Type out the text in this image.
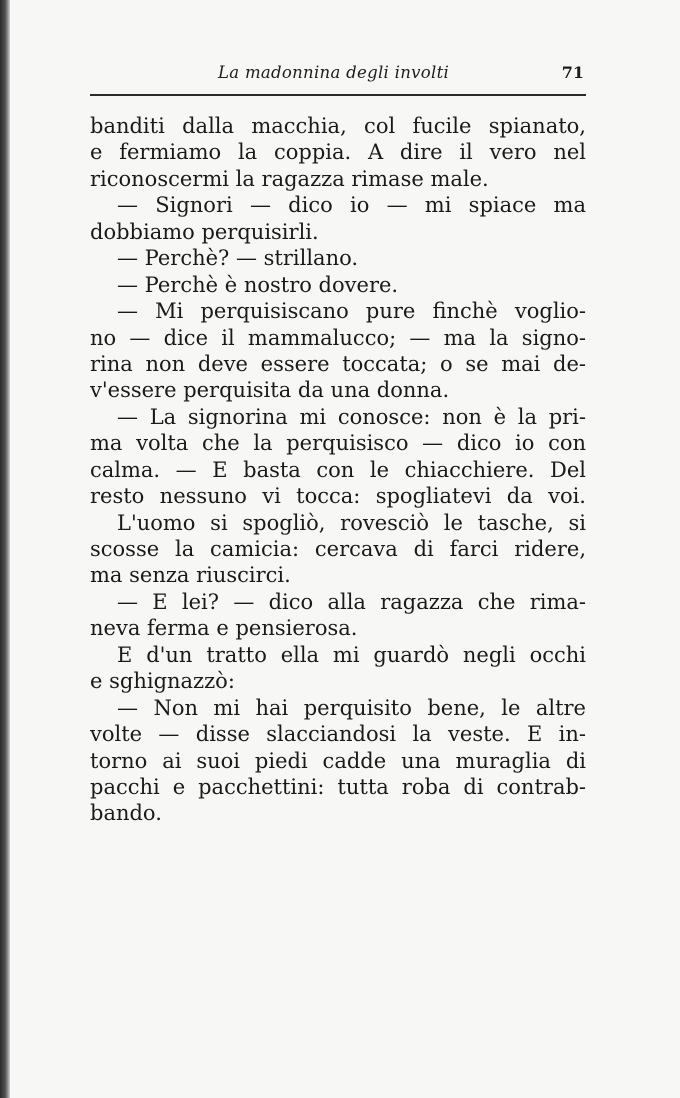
La madonnina degli involti	71
banditi dalla macchia, col fucile spianato,
e fermiamo la coppia. A dire il vero nel
riconoscermi la ragazza rimase male.
— Signori — dico io — mi spiace ma
dobbiamo perquisirli.
— Perchè? — strillano.
— Perchè è nostro dovere.
— Mi perquisiscano pure finchè voglio-
no — dice il mammalucco; — ma la signo-
rina non deve essere toccata; o se mai de-
v'essere perquisita da una donna.
— La signorina mi conosce: non è la pri-
ma volta che la perquisisco — dico io con
calma. — E basta con le chiacchiere. Del
resto nessuno vi tocca: spogliatevi da voi.
L'uomo si spogliò, rovesciò le tasche, si
scosse la camicia: cercava di farci ridere,
ma senza riuscirci.
— E lei? — dico alla ragazza che rima-
neva ferma e pensierosa.
E d'un tratto ella mi guardò negli occhi
e sghignazzò:
— Non mi hai perquisito bene, le altre
volte — disse slacciandosi la veste. E in-
torno ai suoi piedi cadde una muraglia di
pacchi e pacchettini: tutta roba di contrab-
bando.
